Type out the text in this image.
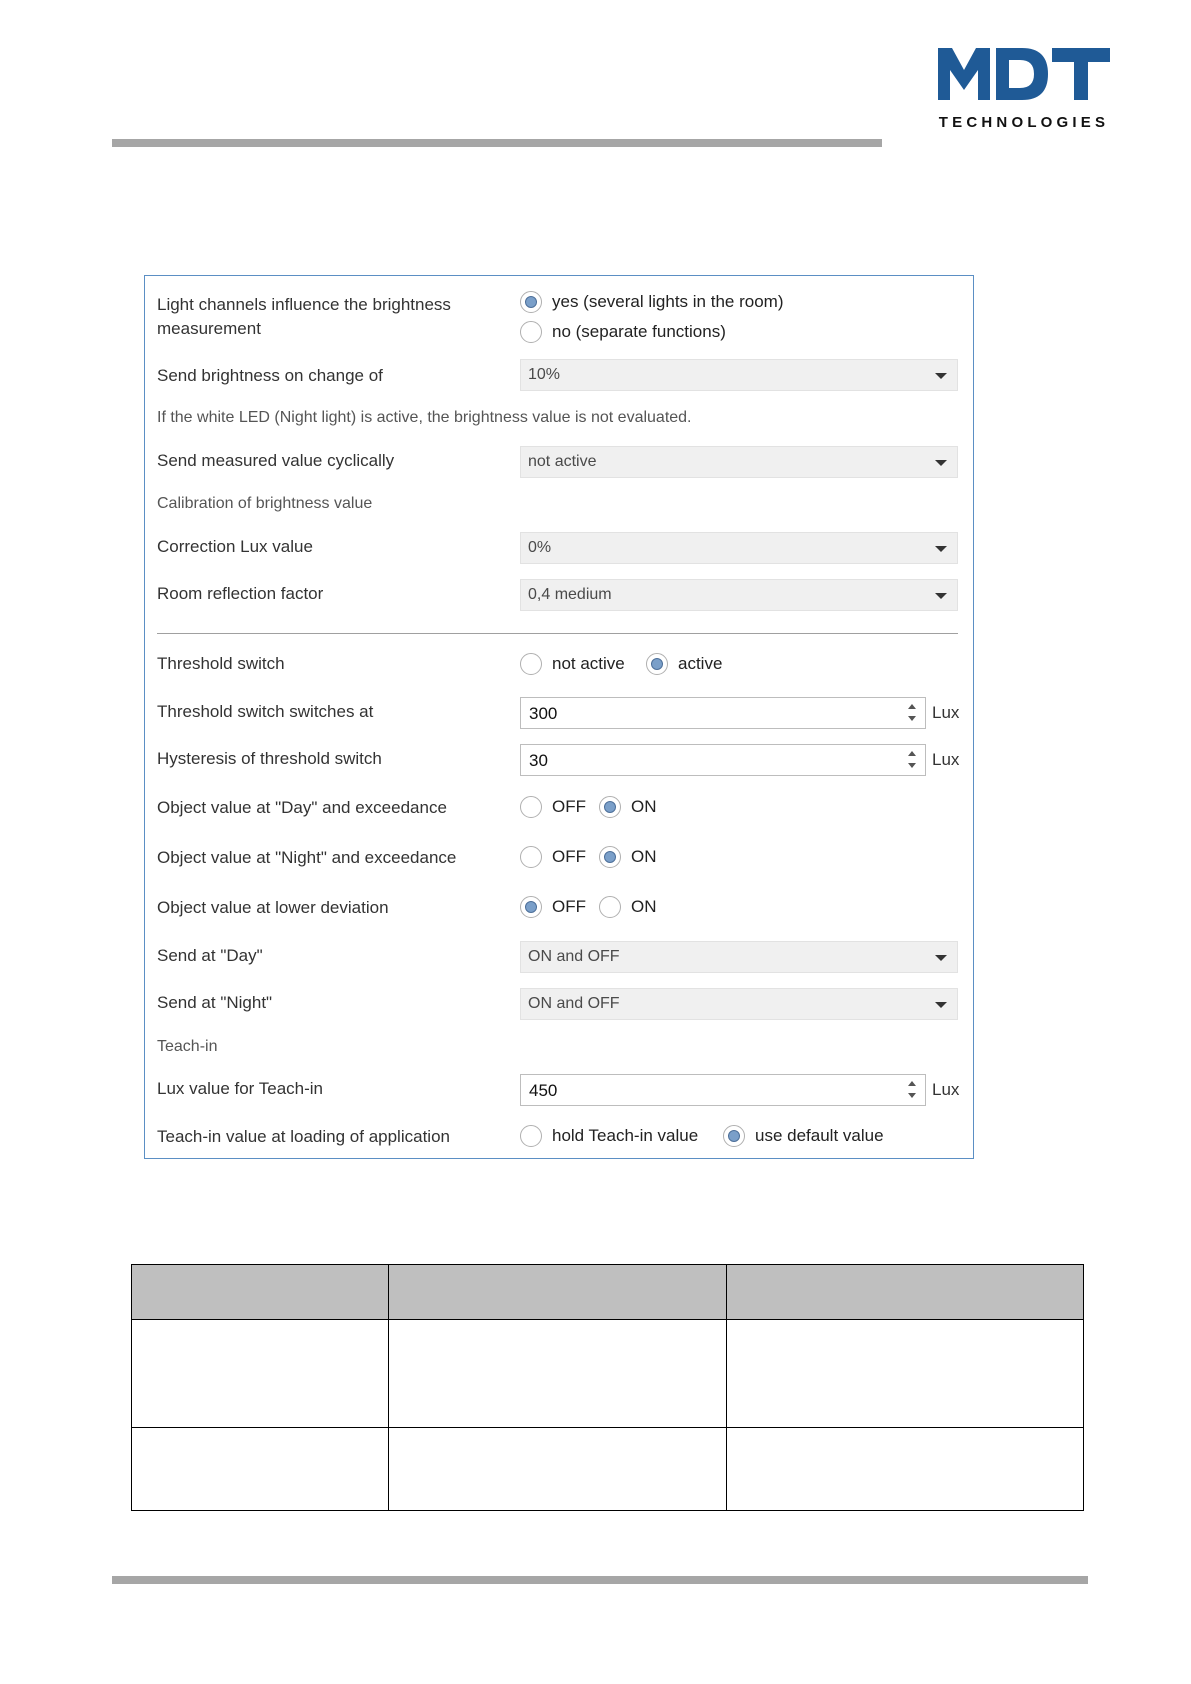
TECHNOLOGIES
Light channels influence the brightness measurement
yes (several lights in the room)
no (separate functions)
Send brightness on change of	10%
If the white LED (Night light) is active, the brightness value is not evaluated.
Send measured value cyclically	not active
Calibration of brightness value
Correction Lux value	0%
Room reflection factor	0,4 medium
Threshold switch	not active	active
Threshold switch switches at	300	Lux
Hysteresis of threshold switch	30	Lux
Object value at "Day" and exceedance	OFF	ON
Object value at "Night" and exceedance	OFF	ON
Object value at lower deviation	OFF	ON
Send at "Day"	ON and OFF
Send at "Night"	ON and OFF
Teach-in
Lux value for Teach-in	450	Lux
Teach-in value at loading of application	hold Teach-in value	use default value
